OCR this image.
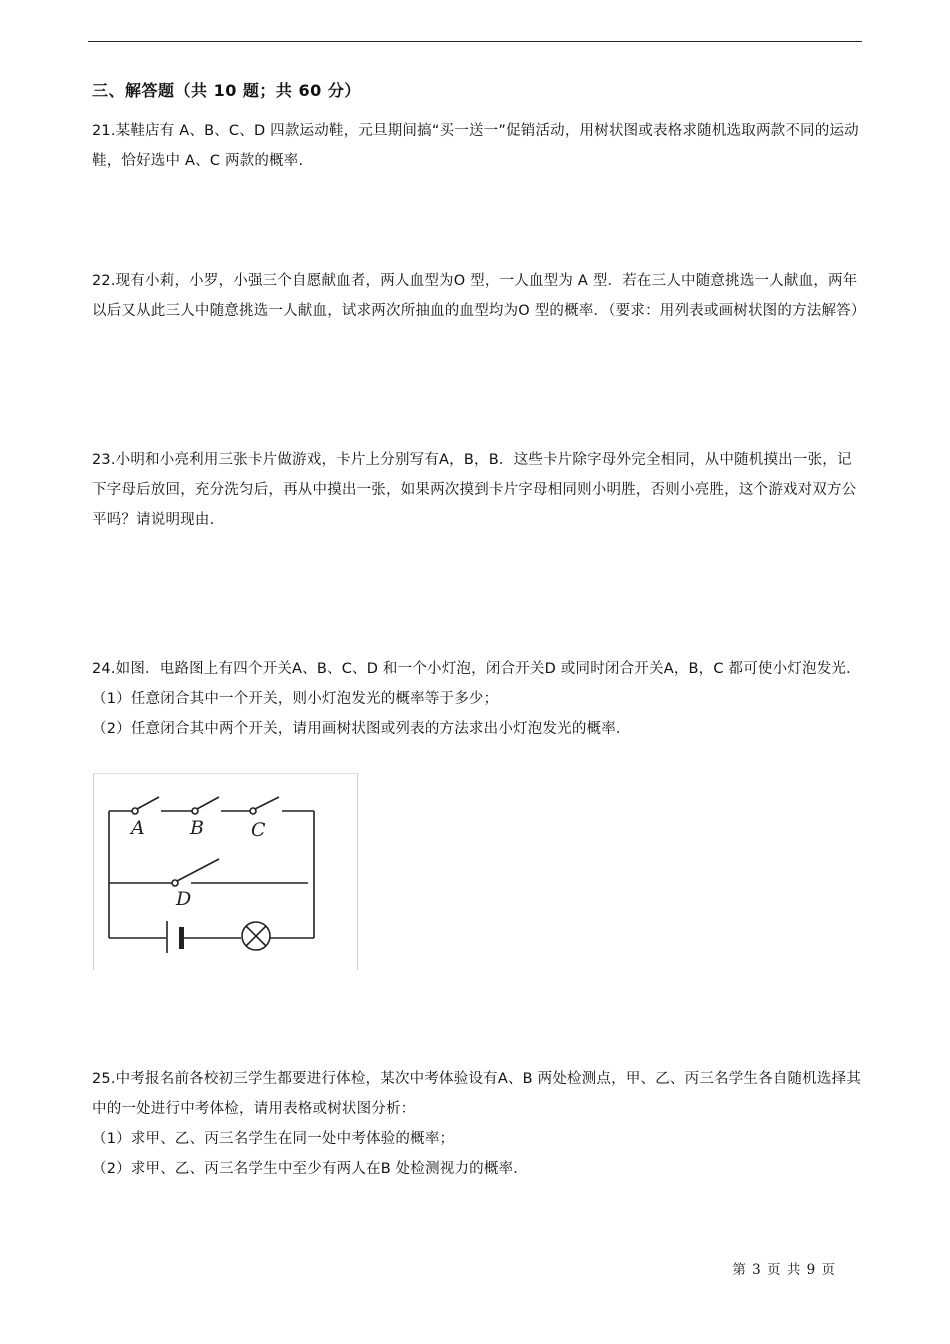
三、解答题（共 10 题；共 60 分）

21.某鞋店有 A、B、C、D 四款运动鞋，元旦期间搞“买一送一”促销活动，用树状图或表格求随机选取两款不同的运动鞋，恰好选中 A、C 两款的概率.

22.现有小莉，小罗，小强三个自愿献血者，两人血型为O 型，一人血型为 A 型．若在三人中随意挑选一人献血，两年以后又从此三人中随意挑选一人献血，试求两次所抽血的血型均为O 型的概率．（要求：用列表或画树状图的方法解答）

23.小明和小亮利用三张卡片做游戏，卡片上分别写有A，B，B．这些卡片除字母外完全相同，从中随机摸出一张，记下字母后放回，充分洗匀后，再从中摸出一张，如果两次摸到卡片字母相同则小明胜，否则小亮胜，这个游戏对双方公平吗？请说明现由．

24.如图．电路图上有四个开关A、B、C、D 和一个小灯泡，闭合开关D 或同时闭合开关A，B，C 都可使小灯泡发光．

（1）任意闭合其中一个开关，则小灯泡发光的概率等于多少；

（2）任意闭合其中两个开关，请用画树状图或列表的方法求出小灯泡发光的概率．

A B C
D

25.中考报名前各校初三学生都要进行体检，某次中考体验设有A、B 两处检测点，甲、乙、丙三名学生各自随机选择其中的一处进行中考体检，请用表格或树状图分析：

（1）求甲、乙、丙三名学生在同一处中考体验的概率；

（2）求甲、乙、丙三名学生中至少有两人在B 处检测视力的概率．

第 3 页 共 9 页
